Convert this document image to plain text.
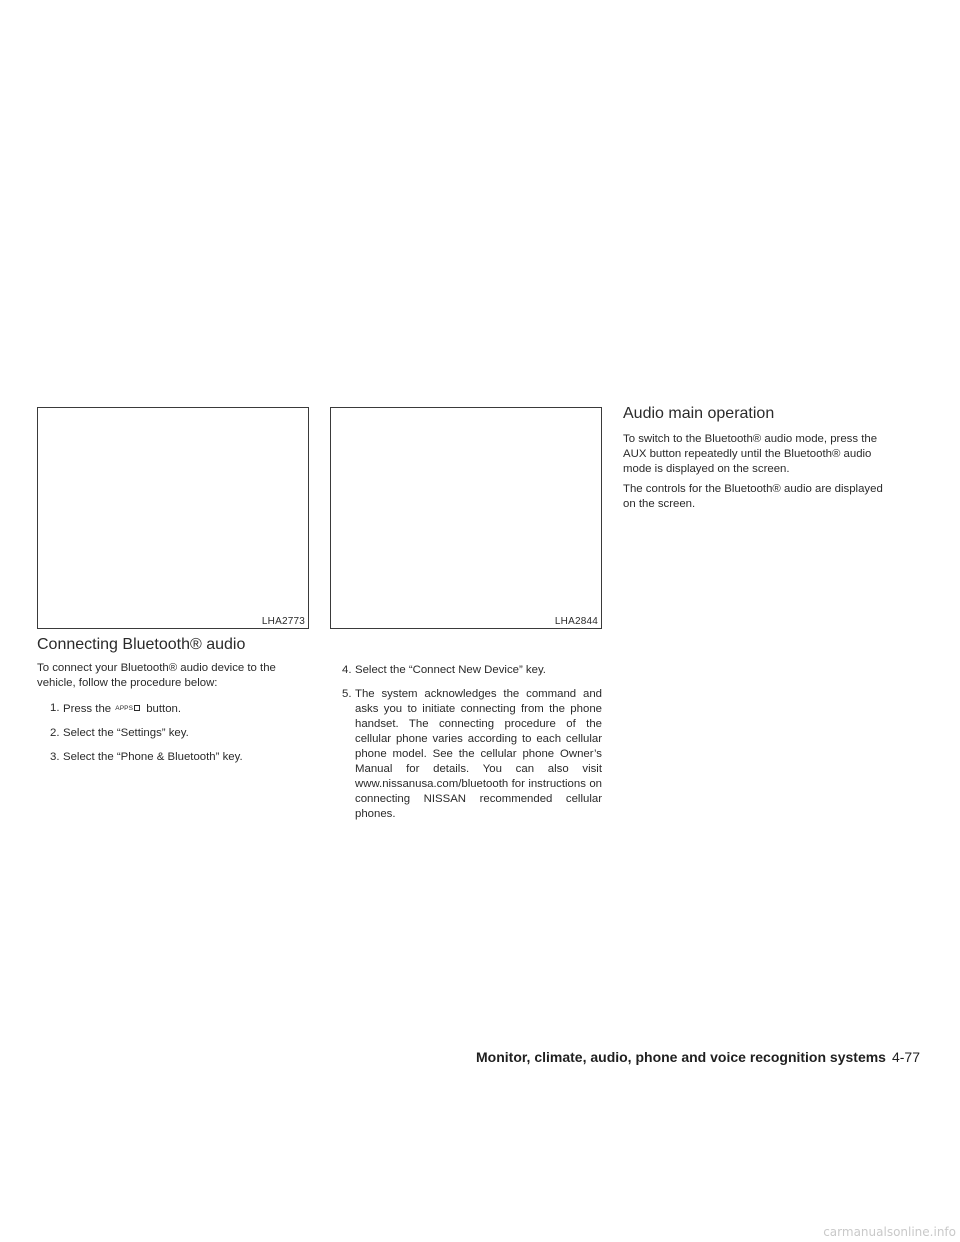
LHA2773	LHA2844
Connecting Bluetooth® audio

To connect your Bluetooth® audio device to the vehicle, follow the procedure below:

1. Press the APPS button.
2. Select the “Settings” key.
3. Select the “Phone & Bluetooth” key.
4. Select the “Connect New Device” key.
5. The system acknowledges the command and asks you to initiate connecting from the phone handset. The connecting procedure of the cellular phone varies according to each cellular phone model. See the cellular phone Owner’s Manual for details. You can also visit www.nissanusa.com/bluetooth for instructions on connecting NISSAN recommended cellular phones.
Audio main operation

To switch to the Bluetooth® audio mode, press the AUX button repeatedly until the Bluetooth® audio mode is displayed on the screen.

The controls for the Bluetooth® audio are displayed on the screen.

Monitor, climate, audio, phone and voice recognition systems 4-77
carmanualsonline.info
